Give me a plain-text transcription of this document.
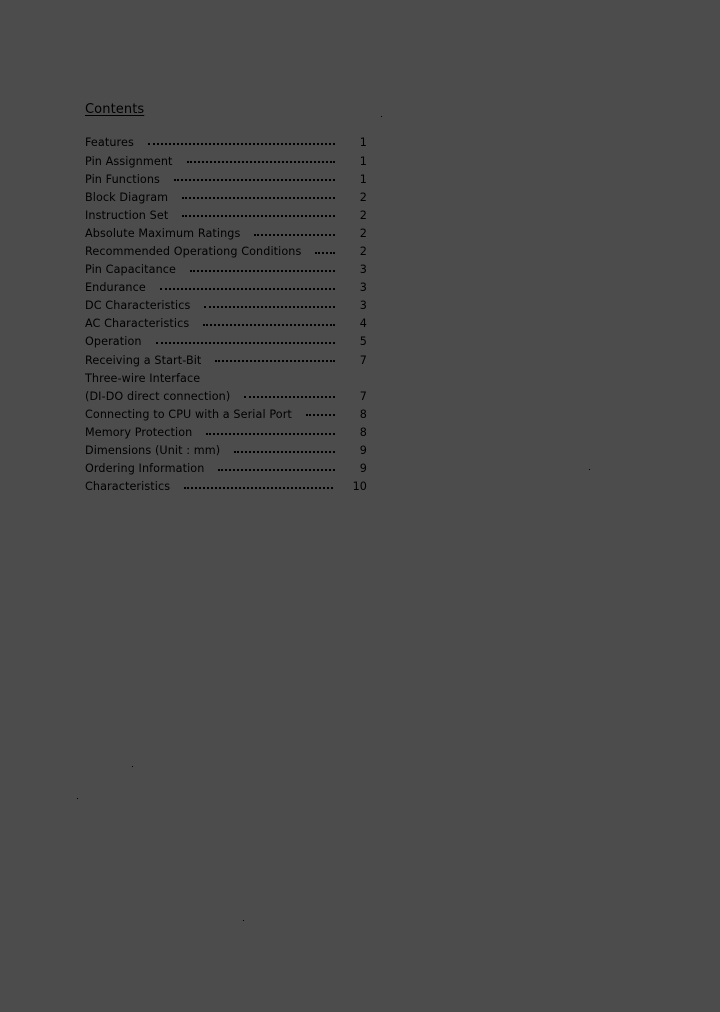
Contents
Features	1
Pin Assignment	1
Pin Functions	1
Block Diagram	2
Instruction Set	2
Absolute Maximum Ratings	2
Recommended Operationg Conditions	2
Pin Capacitance	3
Endurance	3
DC Characteristics	3
AC Characteristics	4
Operation	5
Receiving a Start-Bit	7
Three-wire Interface
(DI-DO direct connection)	7
Connecting to CPU with a Serial Port	8
Memory Protection	8
Dimensions (Unit : mm)	9
Ordering Information	9
Characteristics	10
